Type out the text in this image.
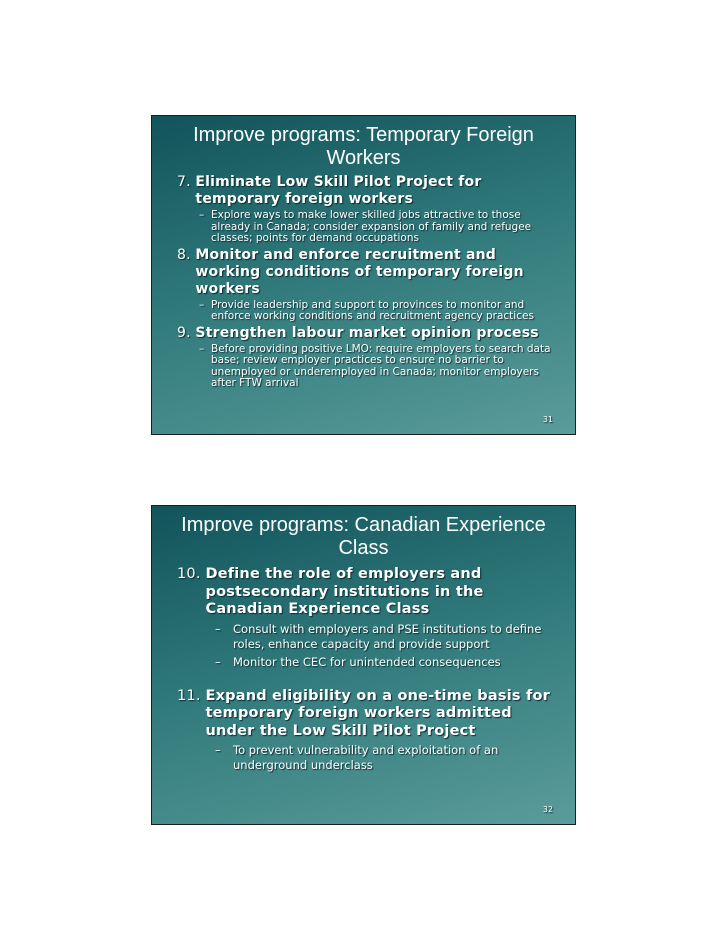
Improve programs: Temporary Foreign Workers
7. Eliminate Low Skill Pilot Project for temporary foreign workers
– Explore ways to make lower skilled jobs attractive to those already in Canada; consider expansion of family and refugee classes; points for demand occupations
8. Monitor and enforce recruitment and working conditions of temporary foreign workers
– Provide leadership and support to provinces to monitor and enforce working conditions and recruitment agency practices
9. Strengthen labour market opinion process
– Before providing positive LMO: require employers to search data base; review employer practices to ensure no barrier to unemployed or underemployed in Canada; monitor employers after FTW arrival
31
Improve programs: Canadian Experience Class
10. Define the role of employers and postsecondary institutions in the Canadian Experience Class
–	Consult with employers and PSE institutions to define roles, enhance capacity and provide support
–	Monitor the CEC for unintended consequences
11. Expand eligibility on a one-time basis for temporary foreign workers admitted under the Low Skill Pilot Project
–	To prevent vulnerability and exploitation of an underground underclass
32
